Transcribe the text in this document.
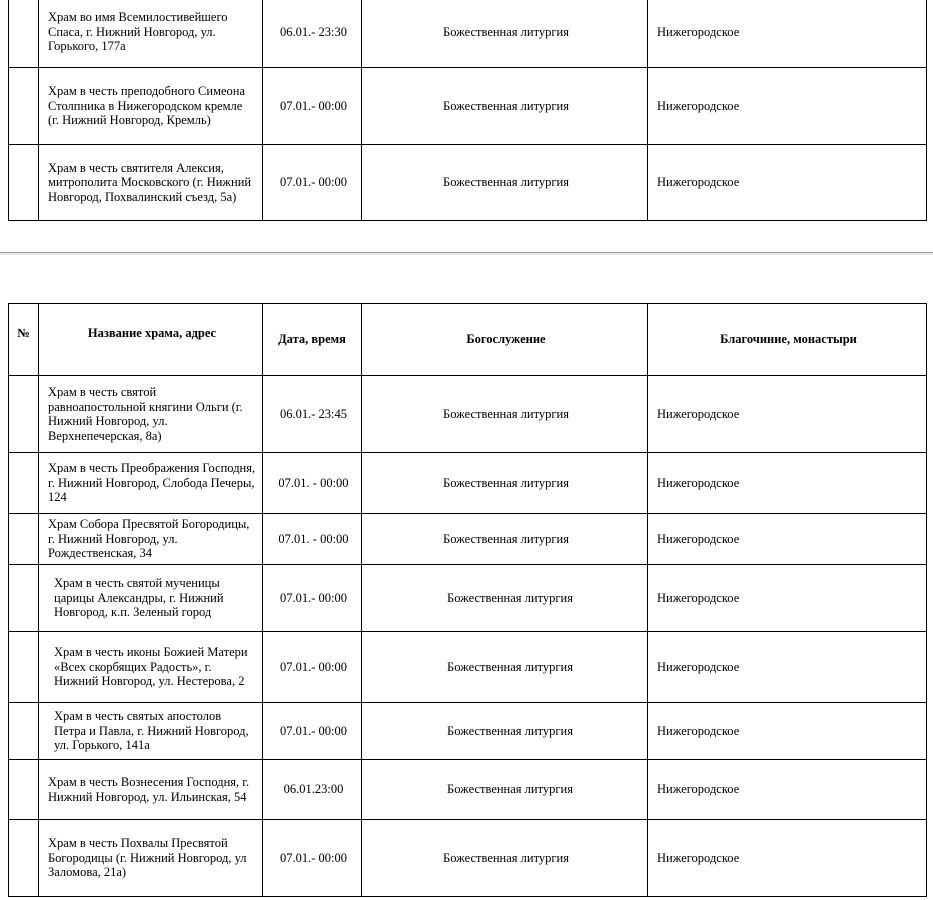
	Храм во имя Всемилостивейшего Спаса, г. Нижний Новгород, ул. Горького, 177а	06.01.- 23:30	Божественная литургия	Нижегородское
	Храм в честь преподобного Симеона Столпника в Нижегородском кремле (г. Нижний Новгород, Кремль)	07.01.- 00:00	Божественная литургия	Нижегородское
	Храм в честь святителя Алексия, митрополита Московского (г. Нижний Новгород, Похвалинский съезд, 5а)	07.01.- 00:00	Божественная литургия	Нижегородское
№	Название храма, адрес	Дата, время	Богослужение	Благочиние, монастыри
	Храм в честь святой равноапостольной княгини Ольги (г. Нижний Новгород, ул. Верхнепечерская, 8а)	06.01.- 23:45	Божественная литургия	Нижегородское
	Храм в честь Преображения Господня, г. Нижний Новгород, Слобода Печеры, 124	07.01. - 00:00	Божественная литургия	Нижегородское
	Храм Собора Пресвятой Богородицы, г. Нижний Новгород, ул. Рождественская, 34	07.01. - 00:00	Божественная литургия	Нижегородское
	Храм в честь святой мученицы царицы Александры, г. Нижний Новгород, к.п. Зеленый город	07.01.- 00:00	Божественная литургия	Нижегородское
	Храм в честь иконы Божией Матери «Всех скорбящих Радость», г. Нижний Новгород, ул. Нестерова, 2	07.01.- 00:00	Божественная литургия	Нижегородское
	Храм в честь святых апостолов Петра и Павла, г. Нижний Новгород, ул. Горького, 141а	07.01.- 00:00	Божественная литургия	Нижегородское
	Храм в честь Вознесения Господня, г. Нижний Новгород, ул. Ильинская, 54	06.01.23:00	Божественная литургия	Нижегородское
	Храм в честь Похвалы Пресвятой Богородицы (г. Нижний Новгород, ул Заломова, 21а)	07.01.- 00:00	Божественная литургия	Нижегородское
